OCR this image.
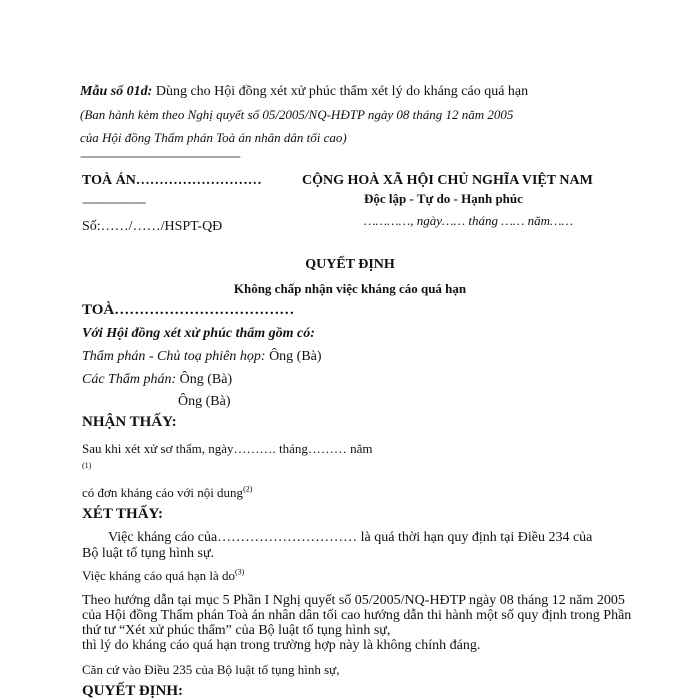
Mẫu số 01d: Dùng cho Hội đồng xét xử phúc thẩm xét lý do kháng cáo quá hạn
(Ban hành kèm theo Nghị quyết số 05/2005/NQ-HĐTP ngày 08 tháng 12 năm 2005
của Hội đồng Thẩm phán Toà án nhân dân tối cao)
------------------------------------------------
TOÀ ÁN………………………
-------------------
Số:……/……/HSPT-QĐ
CỘNG HOÀ XÃ HỘI CHỦ NGHĨA VIỆT NAM
Độc lập - Tự do - Hạnh phúc
…………, ngày…… tháng …… năm……
QUYẾT ĐỊNH
Không chấp nhận việc kháng cáo quá hạn
TOÀ………………………………
Với Hội đồng xét xử phúc thẩm gồm có:
Thẩm phán - Chủ toạ phiên họp: Ông (Bà)
Các Thẩm phán: Ông (Bà)
Ông (Bà)
NHẬN THẤY:
Sau khi xét xử sơ thẩm, ngày………. tháng……… năm
(1)
có đơn kháng cáo với nội dung$^{(2)}$
XÉT THẤY:
Việc kháng cáo của………………………… là quá thời hạn quy định tại Điều 234 của
Bộ luật tố tụng hình sự.
Việc kháng cáo quá hạn là $do^{(3)}$
Theo hướng dẫn tại mục 5 Phần I Nghị quyết số 05/2005/NQ-HĐTP ngày 08 tháng 12 năm 2005
của Hội đồng Thẩm phán Toà án nhân dân tối cao hướng dẫn thi hành một số quy định trong Phần
thứ tư “Xét xử phúc thẩm” của Bộ luật tố tụng hình sự,
thì lý do kháng cáo quá hạn trong trường hợp này là không chính đáng.
Căn cứ vào Điều 235 của Bộ luật tố tụng hình sự,
QUYẾT ĐỊNH:
